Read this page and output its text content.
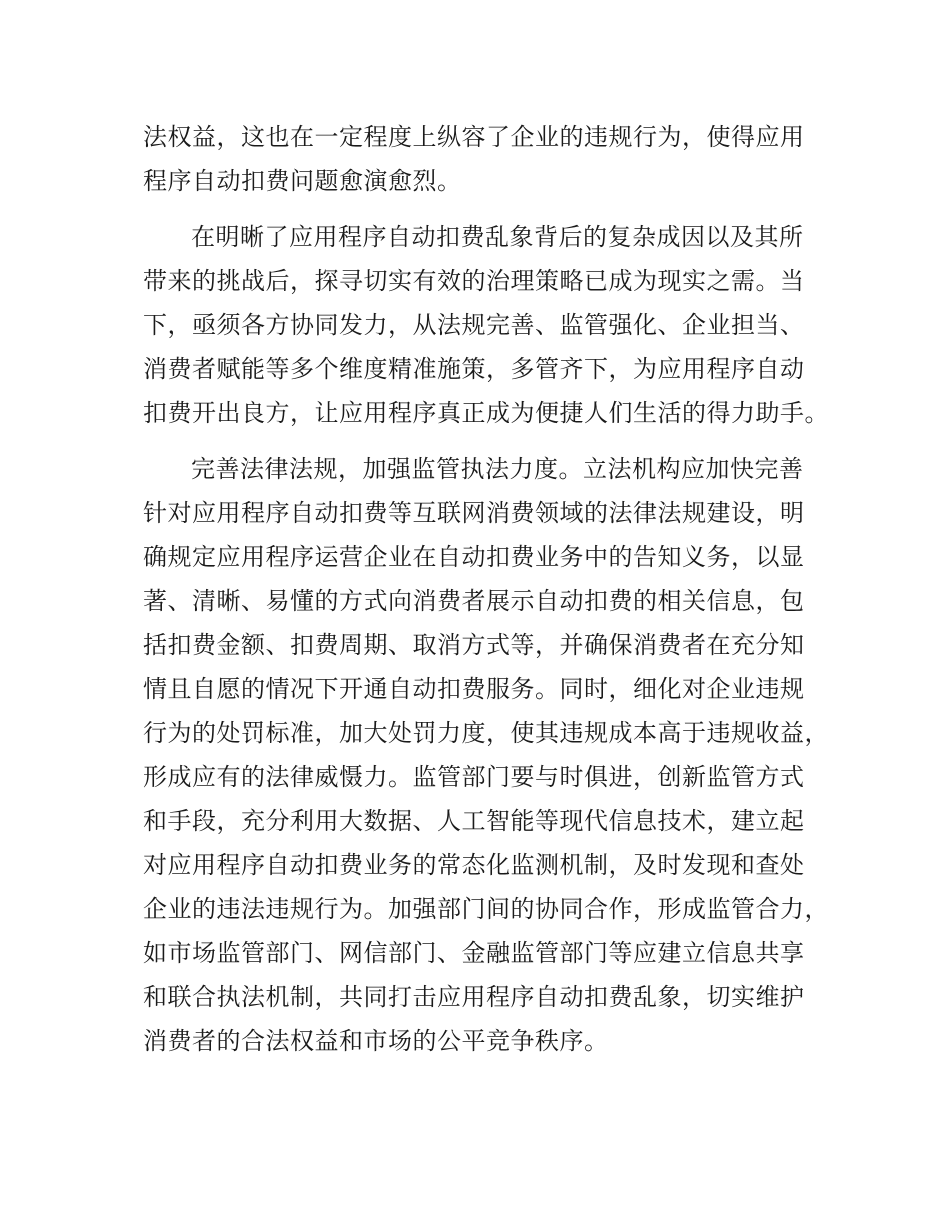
法权益，这也在一定程度上纵容了企业的违规行为，使得应用
程序自动扣费问题愈演愈烈。
在明晰了应用程序自动扣费乱象背后的复杂成因以及其所
带来的挑战后，探寻切实有效的治理策略已成为现实之需。当
下，亟须各方协同发力，从法规完善、监管强化、企业担当、
消费者赋能等多个维度精准施策，多管齐下，为应用程序自动
扣费开出良方，让应用程序真正成为便捷人们生活的得力助手。
完善法律法规，加强监管执法力度。立法机构应加快完善
针对应用程序自动扣费等互联网消费领域的法律法规建设，明
确规定应用程序运营企业在自动扣费业务中的告知义务，以显
著、清晰、易懂的方式向消费者展示自动扣费的相关信息，包
括扣费金额、扣费周期、取消方式等，并确保消费者在充分知
情且自愿的情况下开通自动扣费服务。同时，细化对企业违规
行为的处罚标准，加大处罚力度，使其违规成本高于违规收益，
形成应有的法律威慑力。监管部门要与时俱进，创新监管方式
和手段，充分利用大数据、人工智能等现代信息技术，建立起
对应用程序自动扣费业务的常态化监测机制，及时发现和查处
企业的违法违规行为。加强部门间的协同合作，形成监管合力，
如市场监管部门、网信部门、金融监管部门等应建立信息共享
和联合执法机制，共同打击应用程序自动扣费乱象，切实维护
消费者的合法权益和市场的公平竞争秩序。
